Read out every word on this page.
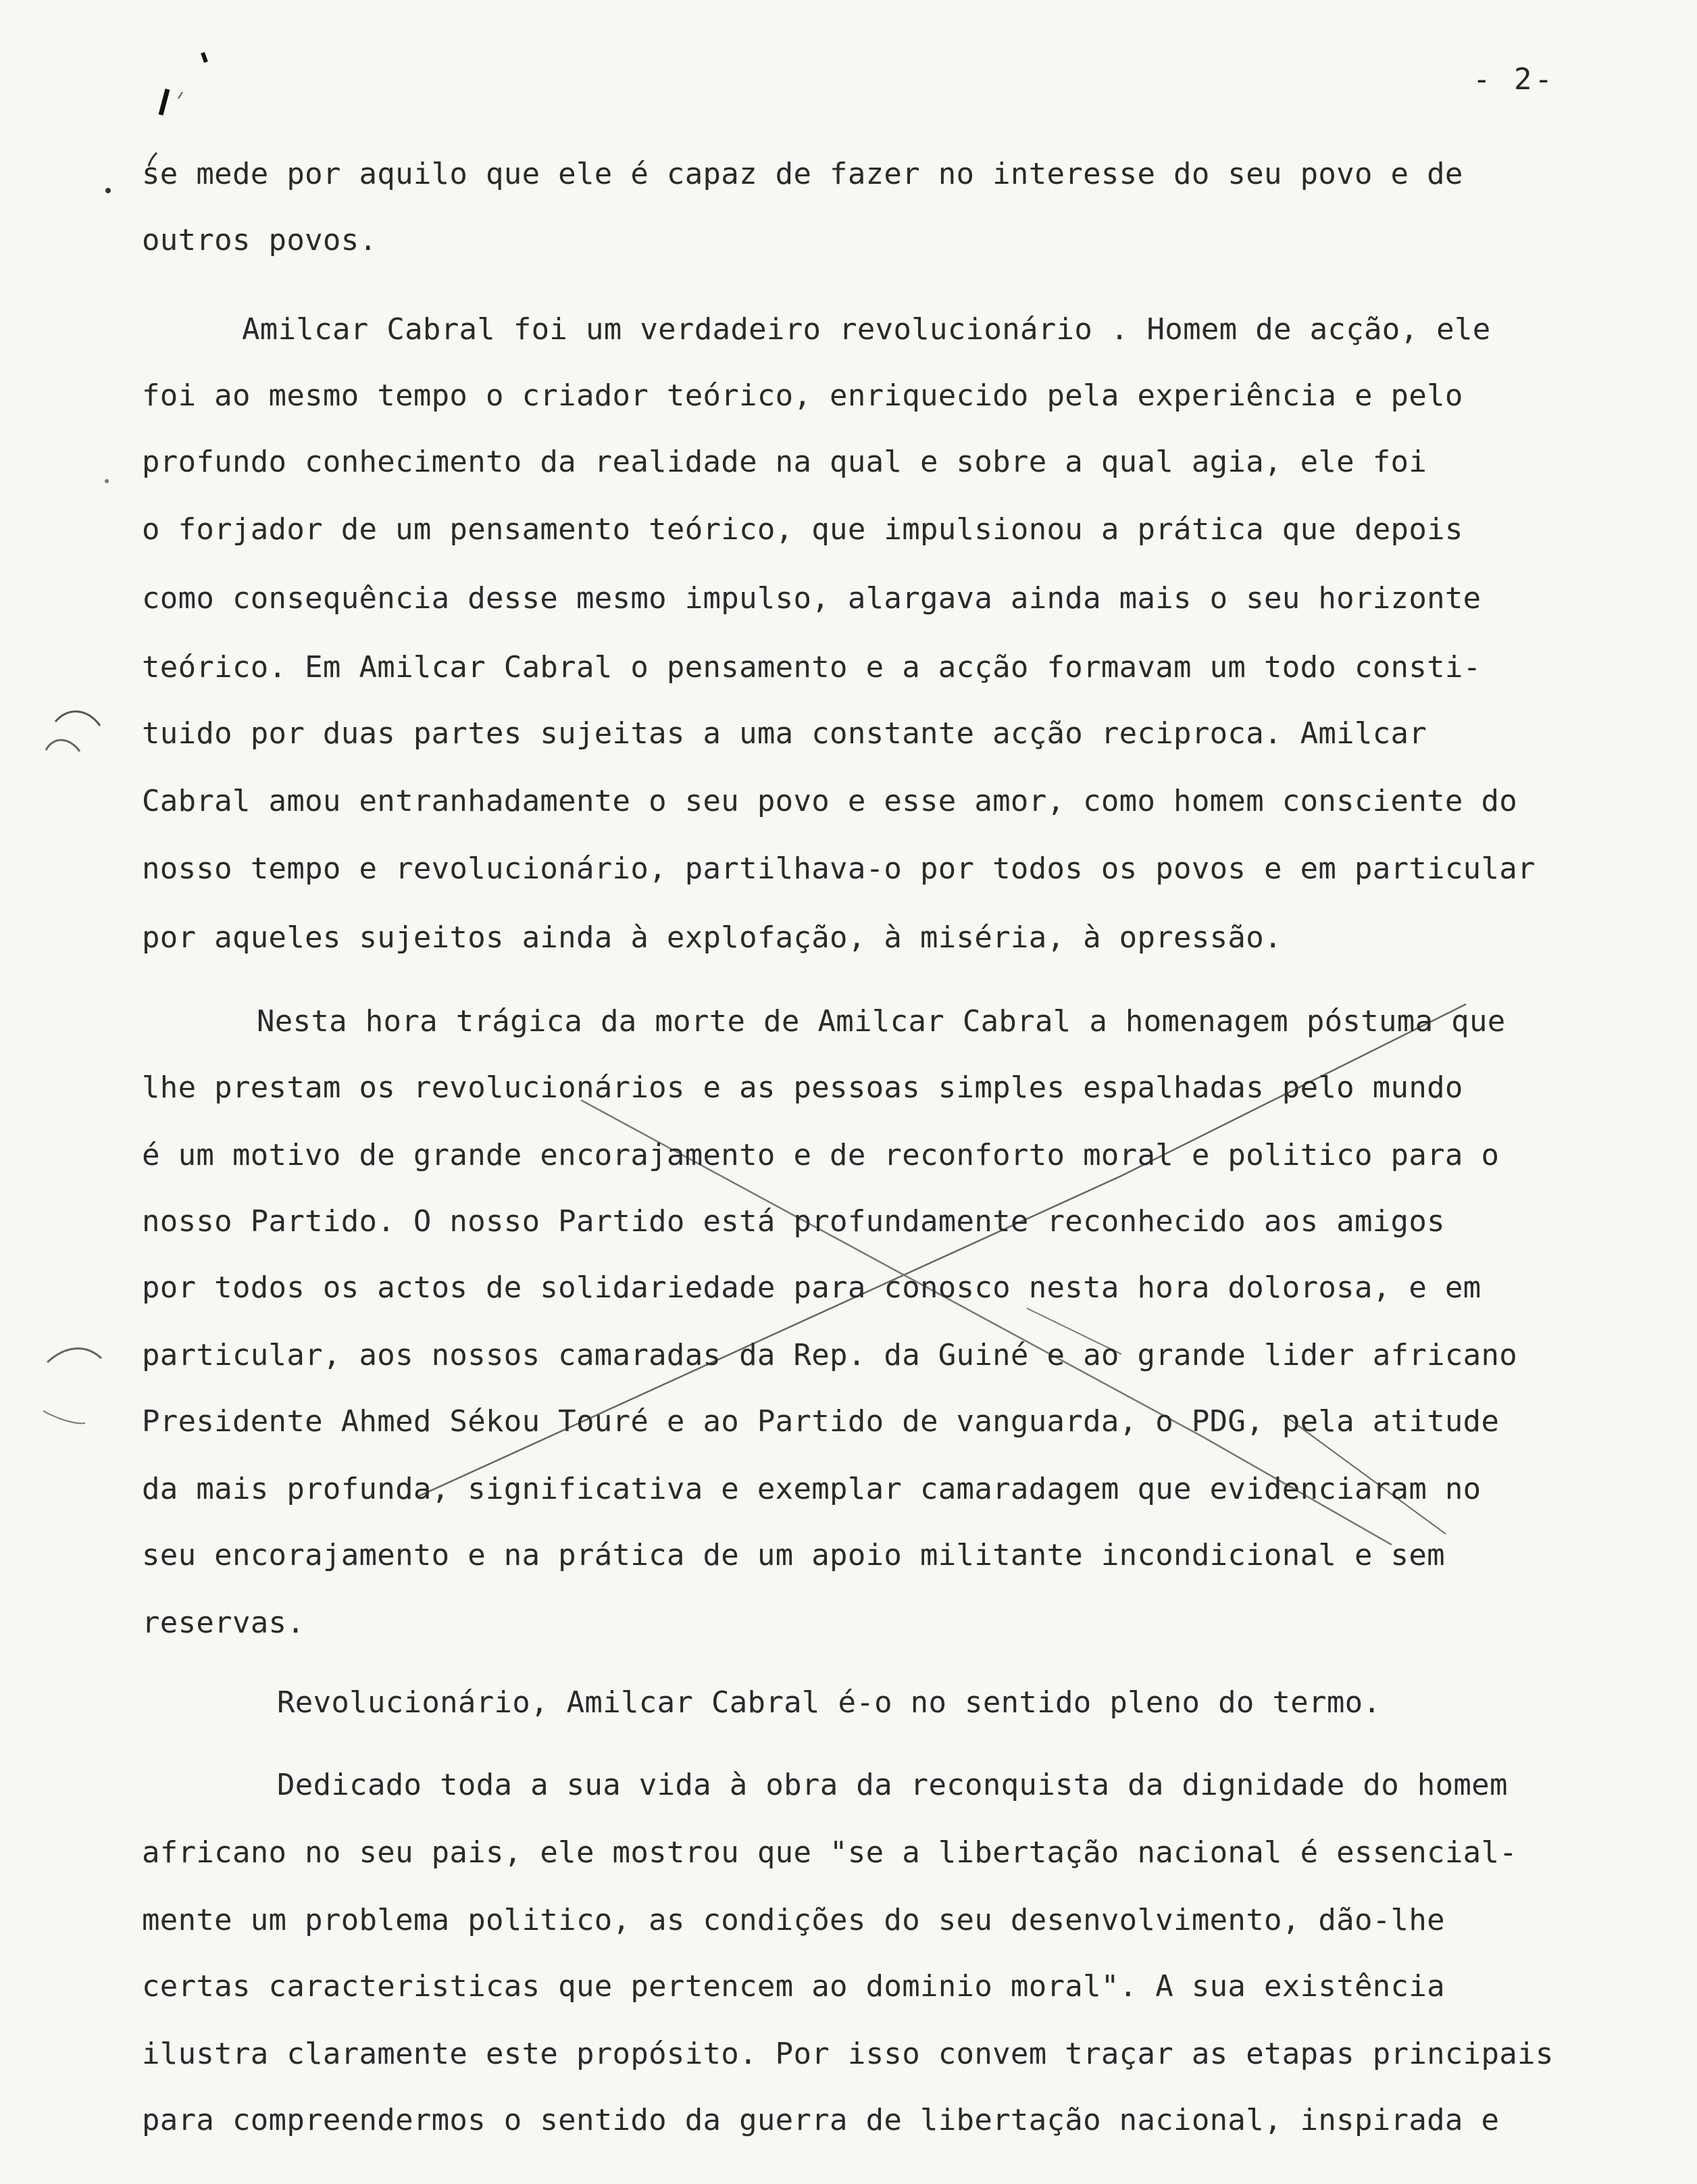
- 2-
se mede por aquilo que ele é capaz de fazer no interesse do seu povo e de
outros povos.
Amilcar Cabral foi um verdadeiro revolucionário . Homem de acção, ele
foi ao mesmo tempo o criador teórico, enriquecido pela experiência e pelo
profundo conhecimento da realidade na qual e sobre a qual agia, ele foi
o forjador de um pensamento teórico, que impulsionou a prática que depois
como consequência desse mesmo impulso, alargava ainda mais o seu horizonte
teórico. Em Amilcar Cabral o pensamento e a acção formavam um todo consti-
tuido por duas partes sujeitas a uma constante acção reciproca. Amilcar
Cabral amou entranhadamente o seu povo e esse amor, como homem consciente do
nosso tempo e revolucionário, partilhava-o por todos os povos e em particular
por aqueles sujeitos ainda à explofação, à miséria, à opressão.
Nesta hora trágica da morte de Amilcar Cabral a homenagem póstuma que
lhe prestam os revolucionários e as pessoas simples espalhadas pelo mundo
é um motivo de grande encorajamento e de reconforto moral e politico para o
nosso Partido. O nosso Partido está profundamente reconhecido aos amigos
por todos os actos de solidariedade para conosco nesta hora dolorosa, e em
particular, aos nossos camaradas da Rep. da Guiné e ao grande lider africano
Presidente Ahmed Sékou Touré e ao Partido de vanguarda, o PDG, pela atitude
da mais profunda, significativa e exemplar camaradagem que evidenciaram no
seu encorajamento e na prática de um apoio militante incondicional e sem
reservas.
Revolucionário, Amilcar Cabral é-o no sentido pleno do termo.
Dedicado toda a sua vida à obra da reconquista da dignidade do homem
africano no seu pais, ele mostrou que "se a libertação nacional é essencial-
mente um problema politico, as condições do seu desenvolvimento, dão-lhe
certas caracteristicas que pertencem ao dominio moral". A sua existência
ilustra claramente este propósito. Por isso convem traçar as etapas principais
para compreendermos o sentido da guerra de libertação nacional, inspirada e
